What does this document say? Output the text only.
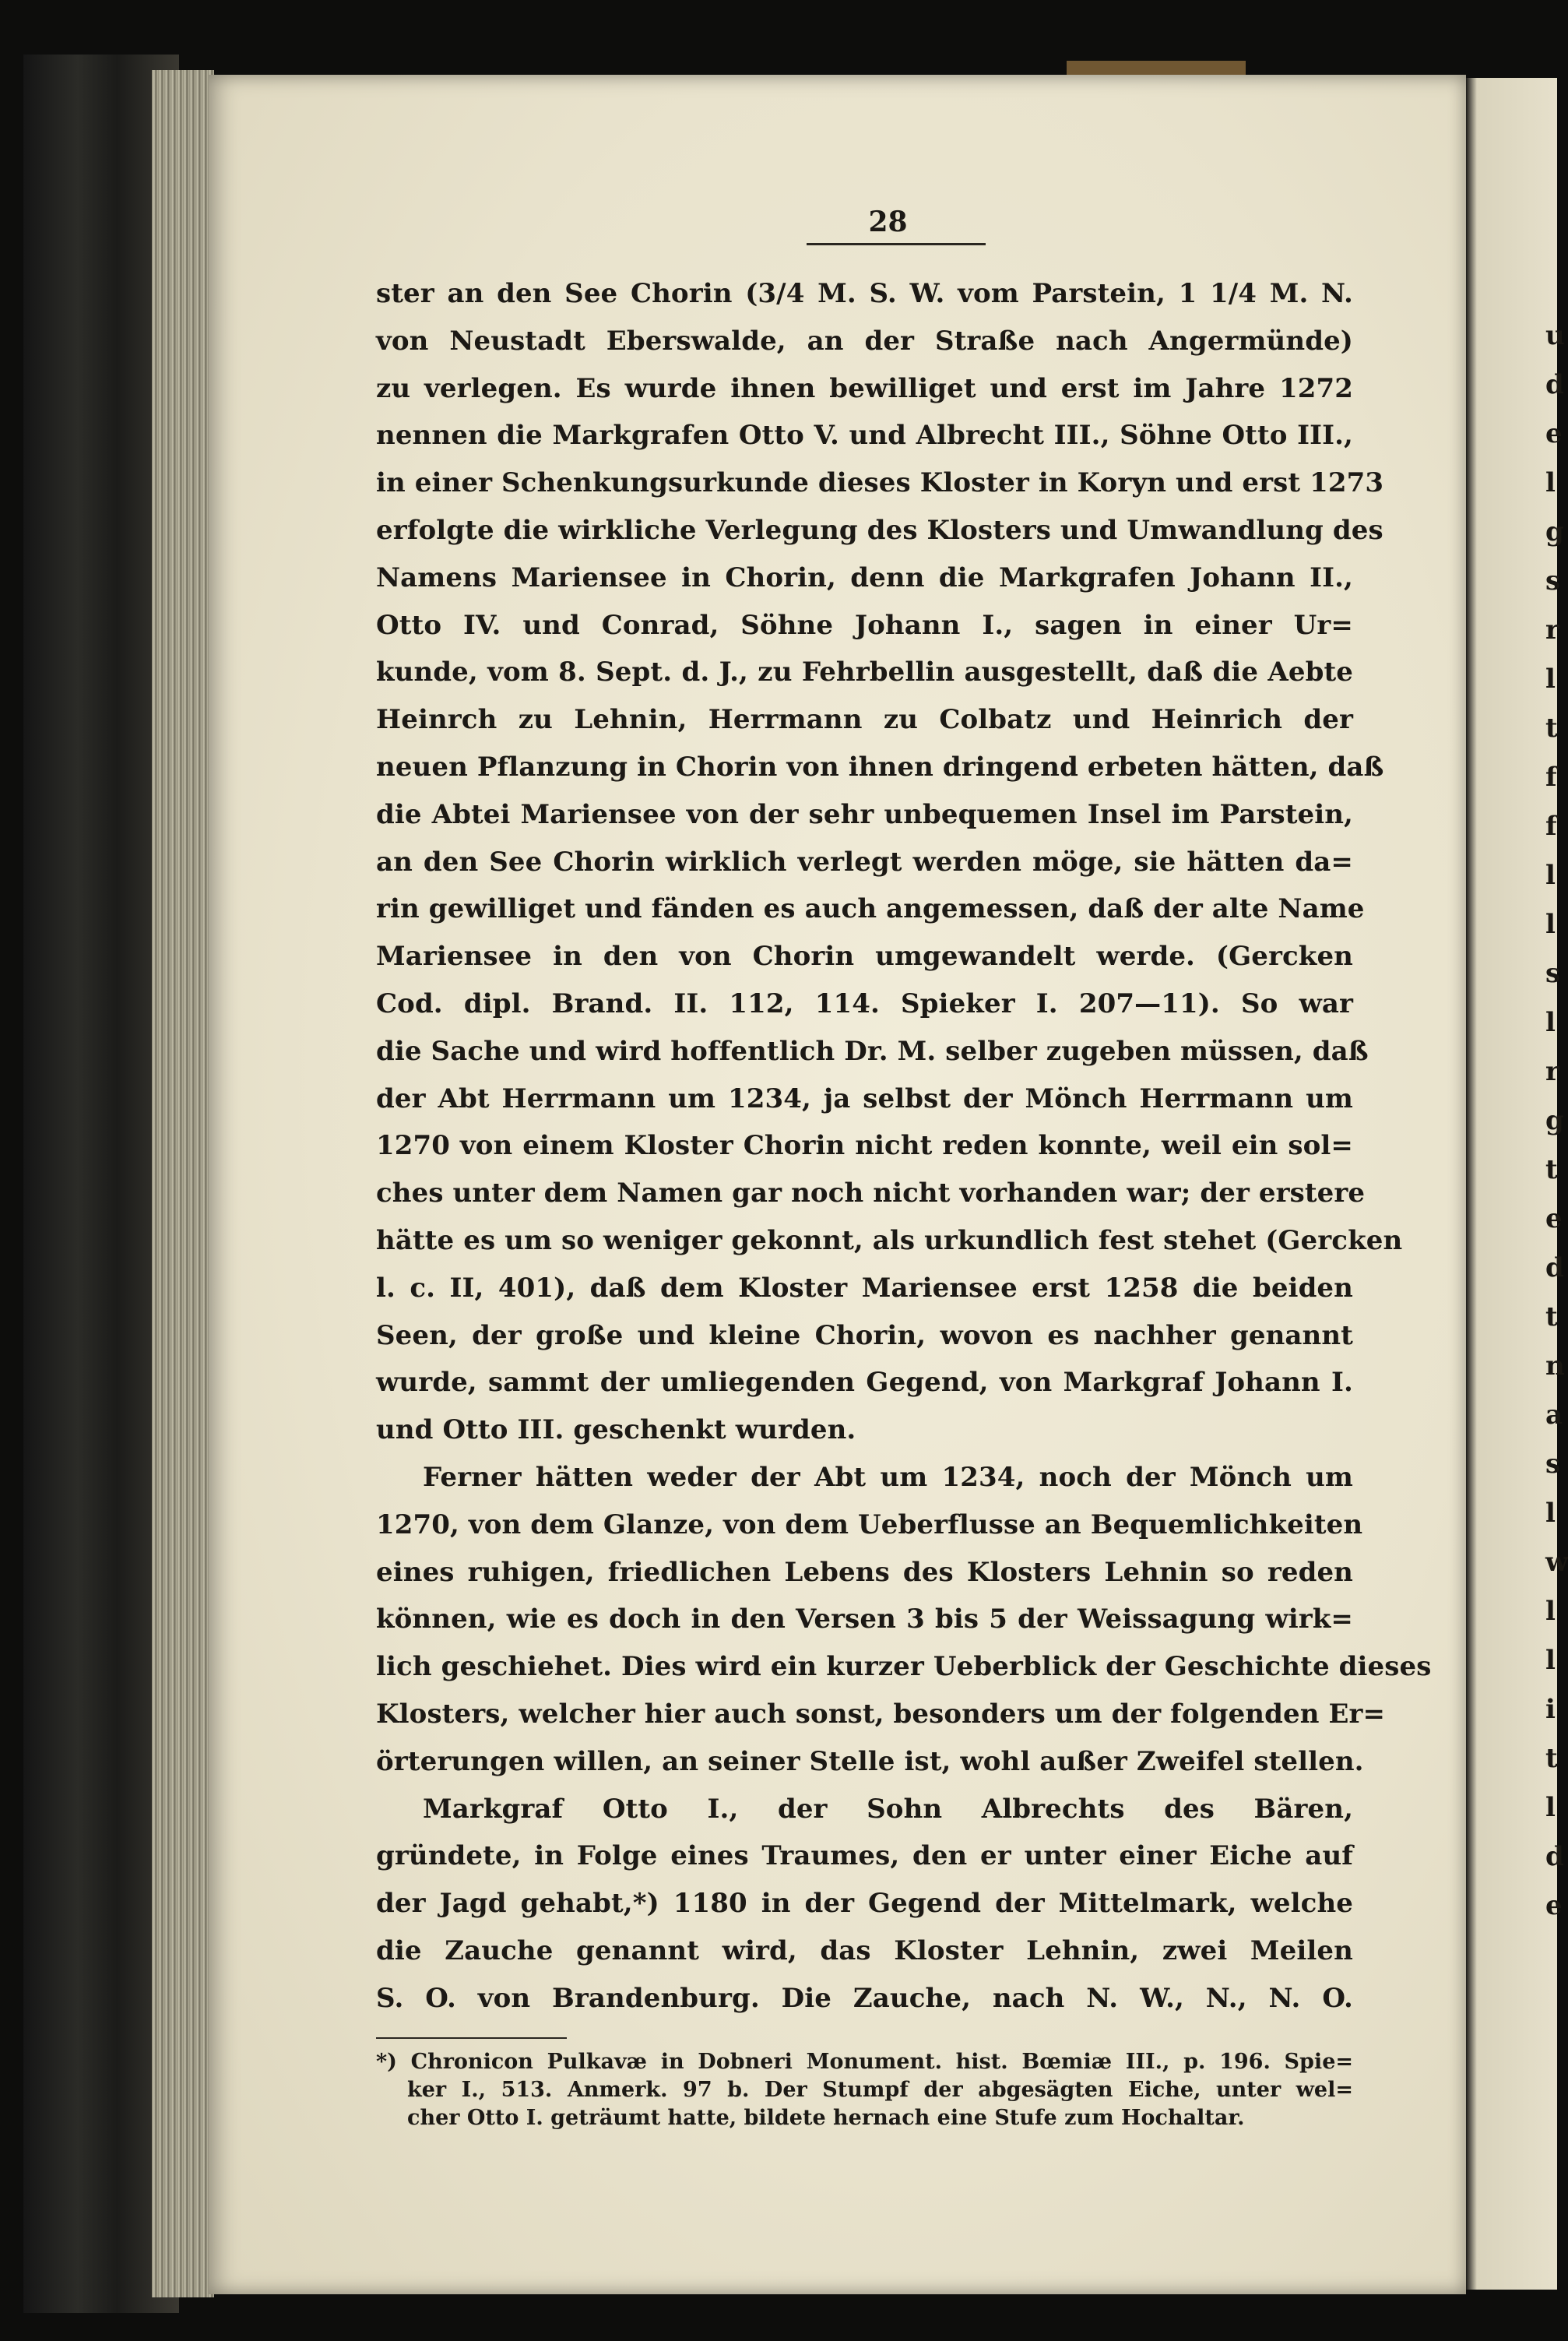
u
d
e
l
g
s
r
l
t
f
f
l
l
s
l
r
g
t
e
d
t
n
a
s
l
w
l
l
i
t
l
d
e
28
ster an den See Chorin (3/4 M. S. W. vom Parstein, 1 1/4 M. N.
von Neustadt Eberswalde, an der Straße nach Angermünde)
zu verlegen. Es wurde ihnen bewilliget und erst im Jahre 1272
nennen die Markgrafen Otto V. und Albrecht III., Söhne Otto III.,
in einer Schenkungsurkunde dieses Kloster in Koryn und erst 1273
erfolgte die wirkliche Verlegung des Klosters und Umwandlung des
Namens Mariensee in Chorin, denn die Markgrafen Johann II.,
Otto IV. und Conrad, Söhne Johann I., sagen in einer Ur=
kunde, vom 8. Sept. d. J., zu Fehrbellin ausgestellt, daß die Aebte
Heinrch zu Lehnin, Herrmann zu Colbatz und Heinrich der
neuen Pflanzung in Chorin von ihnen dringend erbeten hätten, daß
die Abtei Mariensee von der sehr unbequemen Insel im Parstein,
an den See Chorin wirklich verlegt werden möge, sie hätten da=
rin gewilliget und fänden es auch angemessen, daß der alte Name
Mariensee in den von Chorin umgewandelt werde. (Gercken
Cod. dipl. Brand. II. 112, 114. Spieker I. 207—11). So war
die Sache und wird hoffentlich Dr. M. selber zugeben müssen, daß
der Abt Herrmann um 1234, ja selbst der Mönch Herrmann um
1270 von einem Kloster Chorin nicht reden konnte, weil ein sol=
ches unter dem Namen gar noch nicht vorhanden war; der erstere
hätte es um so weniger gekonnt, als urkundlich fest stehet (Gercken
l. c. II, 401), daß dem Kloster Mariensee erst 1258 die beiden
Seen, der große und kleine Chorin, wovon es nachher genannt
wurde, sammt der umliegenden Gegend, von Markgraf Johann I.
und Otto III. geschenkt wurden.
Ferner hätten weder der Abt um 1234, noch der Mönch um
1270, von dem Glanze, von dem Ueberflusse an Bequemlichkeiten
eines ruhigen, friedlichen Lebens des Klosters Lehnin so reden
können, wie es doch in den Versen 3 bis 5 der Weissagung wirk=
lich geschiehet. Dies wird ein kurzer Ueberblick der Geschichte dieses
Klosters, welcher hier auch sonst, besonders um der folgenden Er=
örterungen willen, an seiner Stelle ist, wohl außer Zweifel stellen.
Markgraf Otto I., der Sohn Albrechts des Bären,
gründete, in Folge eines Traumes, den er unter einer Eiche auf
der Jagd gehabt,*) 1180 in der Gegend der Mittelmark, welche
die Zauche genannt wird, das Kloster Lehnin, zwei Meilen
S. O. von Brandenburg. Die Zauche, nach N. W., N., N. O.
*) Chronicon Pulkavæ in Dobneri Monument. hist. Bœmiæ III., p. 196. Spie=
ker I., 513. Anmerk. 97 b. Der Stumpf der abgesägten Eiche, unter wel=
cher Otto I. geträumt hatte, bildete hernach eine Stufe zum Hochaltar.
